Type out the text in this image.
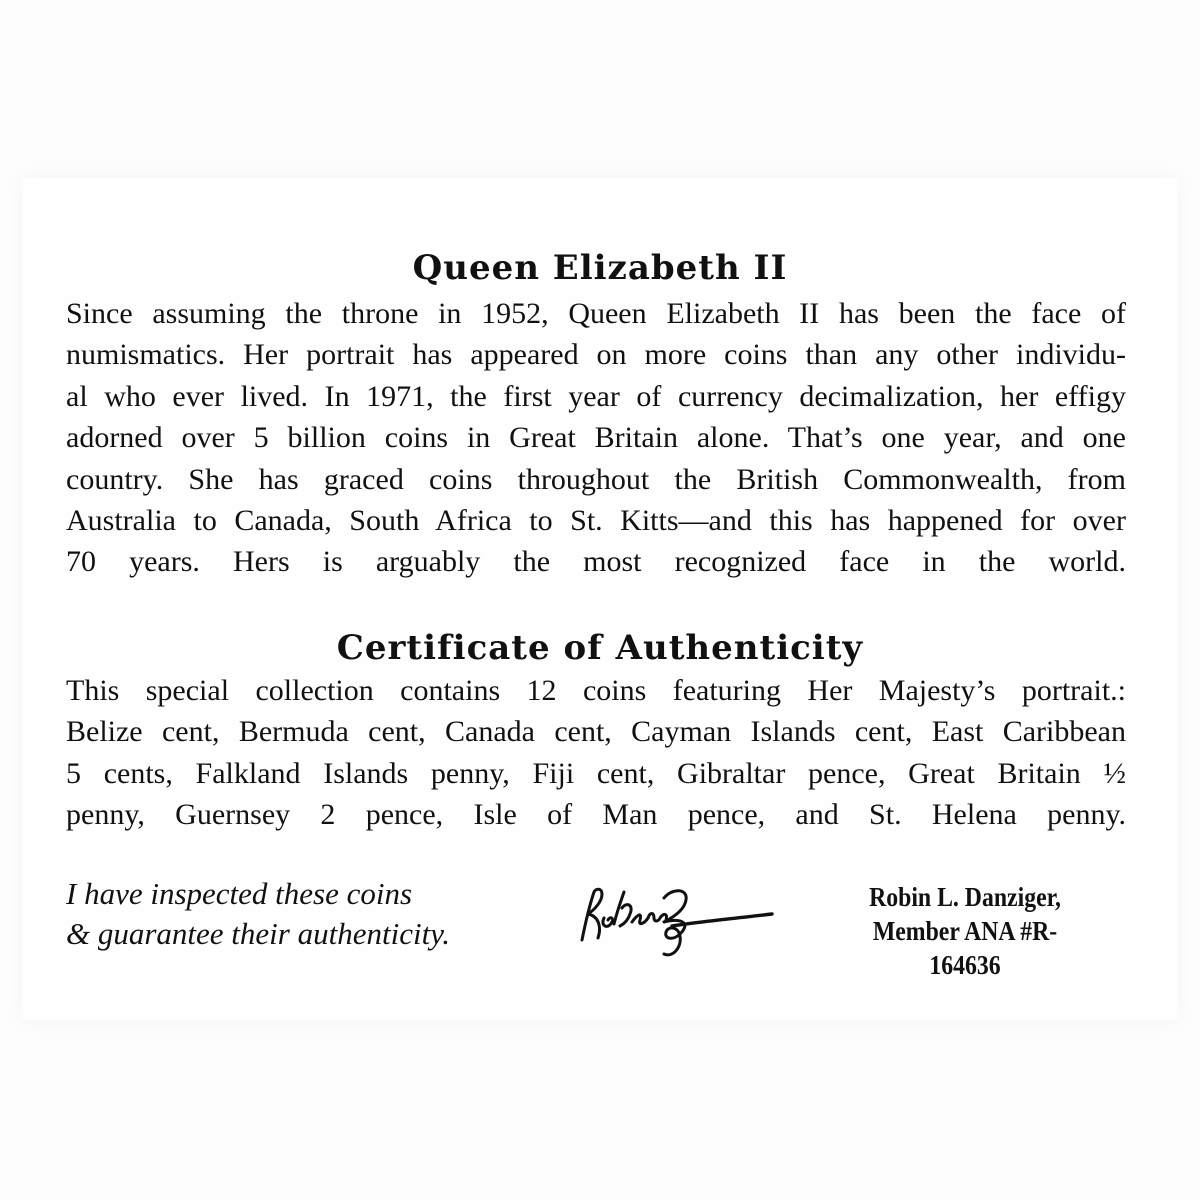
Queen Elizabeth II
Since assuming the throne in 1952, Queen Elizabeth II has been the face of
numismatics. Her portrait has appeared on more coins than any other individu-
al who ever lived. In 1971, the first year of currency decimalization, her effigy
adorned over 5 billion coins in Great Britain alone. That’s one year, and one
country. She has graced coins throughout the British Commonwealth, from
Australia to Canada, South Africa to St. Kitts—and this has happened for over
70 years. Hers is arguably the most recognized face in the world.
Certificate of Authenticity
This special collection contains 12 coins featuring Her Majesty’s portrait.:
Belize cent, Bermuda cent, Canada cent, Cayman Islands cent, East Caribbean
5 cents, Falkland Islands penny, Fiji cent, Gibraltar pence, Great Britain ½
penny, Guernsey 2 pence, Isle of Man pence, and St. Helena penny.
I have inspected these coins
& guarantee their authenticity.
Robin L. Danziger,
Member ANA #R-164636
